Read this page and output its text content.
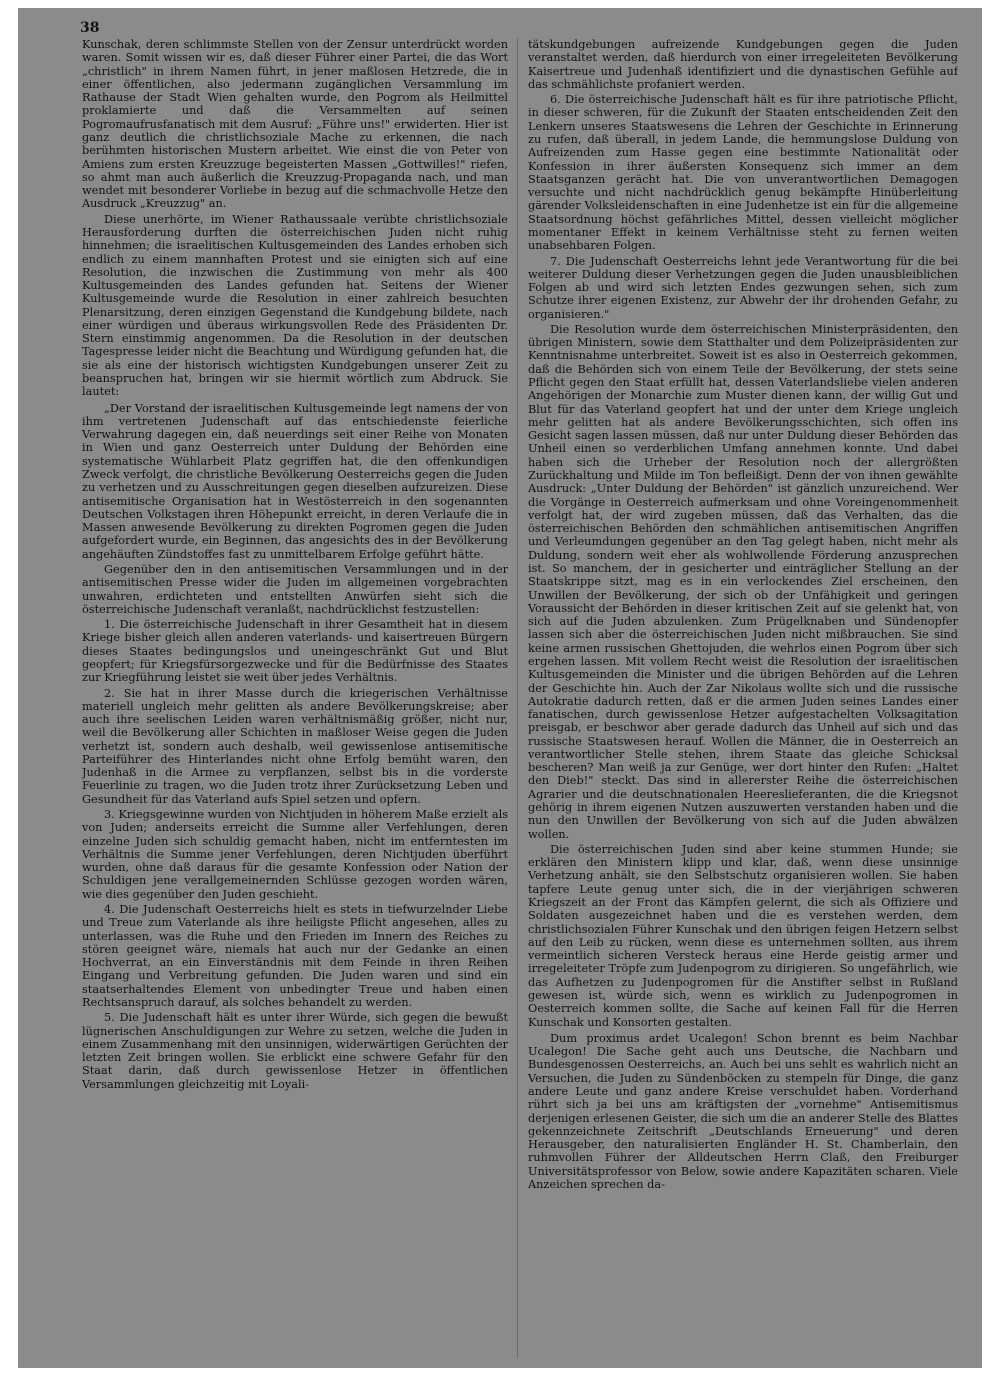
38

Kunschak, deren schlimmste Stellen von der Zensur unterdrückt worden waren. Somit wissen wir es, daß dieser Führer einer Partei, die das Wort „christlich" in ihrem Namen führt, in jener maßlosen Hetzrede, die in einer öffentlichen, also jedermann zugänglichen Versammlung im Rathause der Stadt Wien gehalten wurde, den Pogrom als Heilmittel proklamierte und daß die Versammelten auf seinen Pogromaufrusfanatisch mit dem Ausruf: „Führe uns!" erwiderten. Hier ist ganz deutlich die christlichsoziale Mache zu erkennen, die nach berühmten historischen Mustern arbeitet. Wie einst die von Peter von Amiens zum ersten Kreuzzuge begeisterten Massen „Gottwilles!" riefen, so ahmt man auch äußerlich die Kreuzzug-Propaganda nach, und man wendet mit besonderer Vorliebe in bezug auf die schmachvolle Hetze den Ausdruck „Kreuzzug" an.

Diese unerhörte, im Wiener Rathaussaale verübte christlichsoziale Herausforderung durften die österreichischen Juden nicht ruhig hinnehmen; die israelitischen Kultusgemeinden des Landes erhoben sich endlich zu einem mannhaften Protest und sie einigten sich auf eine Resolution, die inzwischen die Zustimmung von mehr als 400 Kultusgemeinden des Landes gefunden hat. Seitens der Wiener Kultusgemeinde wurde die Resolution in einer zahlreich besuchten Plenarsitzung, deren einzigen Gegenstand die Kundgebung bildete, nach einer würdigen und überaus wirkungsvollen Rede des Präsidenten Dr. Stern einstimmig angenommen. Da die Resolution in der deutschen Tagespresse leider nicht die Beachtung und Würdigung gefunden hat, die sie als eine der historisch wichtigsten Kundgebungen unserer Zeit zu beanspruchen hat, bringen wir sie hiermit wörtlich zum Abdruck. Sie lautet:

„Der Vorstand der israelitischen Kultusgemeinde legt namens der von ihm vertretenen Judenschaft auf das entschiedenste feierliche Verwahrung dagegen ein, daß neuerdings seit einer Reihe von Monaten in Wien und ganz Oesterreich unter Duldung der Behörden eine systematische Wühlarbeit Platz gegriffen hat, die den offenkundigen Zweck verfolgt, die christliche Bevölkerung Oesterreichs gegen die Juden zu verhetzen und zu Ausschreitungen gegen dieselben aufzureizen. Diese antisemitische Organisation hat in Westösterreich in den sogenannten Deutschen Volkstagen ihren Höhepunkt erreicht, in deren Verlaufe die in Massen anwesende Bevölkerung zu direkten Pogromen gegen die Juden aufgefordert wurde, ein Beginnen, das angesichts des in der Bevölkerung angehäuften Zündstoffes fast zu unmittelbarem Erfolge geführt hätte.

Gegenüber den in den antisemitischen Versammlungen und in der antisemitischen Presse wider die Juden im allgemeinen vorgebrachten unwahren, erdichteten und entstellten Anwürfen sieht sich die österreichische Judenschaft veranlaßt, nachdrücklichst festzustellen:

1. Die österreichische Judenschaft in ihrer Gesamtheit hat in diesem Kriege bisher gleich allen anderen vaterlands- und kaisertreuen Bürgern dieses Staates bedingungslos und uneingeschränkt Gut und Blut geopfert; für Kriegsfürsorgezwecke und für die Bedürfnisse des Staates zur Kriegführung leistet sie weit über jedes Verhältnis.

2. Sie hat in ihrer Masse durch die kriegerischen Verhältnisse materiell ungleich mehr gelitten als andere Bevölkerungskreise; aber auch ihre seelischen Leiden waren verhältnismäßig größer, nicht nur, weil die Bevölkerung aller Schichten in maßloser Weise gegen die Juden verhetzt ist, sondern auch deshalb, weil gewissenlose antisemitische Parteiführer des Hinterlandes nicht ohne Erfolg bemüht waren, den Judenhaß in die Armee zu verpflanzen, selbst bis in die vorderste Feuerlinie zu tragen, wo die Juden trotz ihrer Zurücksetzung Leben und Gesundheit für das Vaterland aufs Spiel setzen und opfern.

3. Kriegsgewinne wurden von Nichtjuden in höherem Maße erzielt als von Juden; anderseits erreicht die Summe aller Verfehlungen, deren einzelne Juden sich schuldig gemacht haben, nicht im entferntesten im Verhältnis die Summe jener Verfehlungen, deren Nichtjuden überführt wurden, ohne daß daraus für die gesamte Konfession oder Nation der Schuldigen jene verallgemeinernden Schlüsse gezogen worden wären, wie dies gegenüber den Juden geschieht.

4. Die Judenschaft Oesterreichs hielt es stets in tiefwurzelnder Liebe und Treue zum Vaterlande als ihre heiligste Pflicht angesehen, alles zu unterlassen, was die Ruhe und den Frieden im Innern des Reiches zu stören geeignet wäre, niemals hat auch nur der Gedanke an einen Hochverrat, an ein Einverständnis mit dem Feinde in ihren Reihen Eingang und Verbreitung gefunden. Die Juden waren und sind ein staatserhaltendes Element von unbedingter Treue und haben einen Rechtsanspruch darauf, als solches behandelt zu werden.

5. Die Judenschaft hält es unter ihrer Würde, sich gegen die bewußt lügnerischen Anschuldigungen zur Wehre zu setzen, welche die Juden in einem Zusammenhang mit den unsinnigen, widerwärtigen Gerüchten der letzten Zeit bringen wollen. Sie erblickt eine schwere Gefahr für den Staat darin, daß durch gewissenlose Hetzer in öffentlichen Versammlungen gleichzeitig mit Loyali-

tätskundgebungen aufreizende Kundgebungen gegen die Juden veranstaltet werden, daß hierdurch von einer irregeleiteten Bevölkerung Kaisertreue und Judenhaß identifiziert und die dynastischen Gefühle auf das schmählichste profaniert werden.

6. Die österreichische Judenschaft hält es für ihre patriotische Pflicht, in dieser schweren, für die Zukunft der Staaten entscheidenden Zeit den Lenkern unseres Staatswesens die Lehren der Geschichte in Erinnerung zu rufen, daß überall, in jedem Lande, die hemmungslose Duldung von Aufreizenden zum Hasse gegen eine bestimmte Nationalität oder Konfession in ihrer äußersten Konsequenz sich immer an dem Staatsganzen gerächt hat. Die von unverantwortlichen Demagogen versuchte und nicht nachdrücklich genug bekämpfte Hinüberleitung gärender Volksleidenschaften in eine Judenhetze ist ein für die allgemeine Staatsordnung höchst gefährliches Mittel, dessen vielleicht möglicher momentaner Effekt in keinem Verhältnisse steht zu fernen weiten unabsehbaren Folgen.

7. Die Judenschaft Oesterreichs lehnt jede Verantwortung für die bei weiterer Duldung dieser Verhetzungen gegen die Juden unausbleiblichen Folgen ab und wird sich letzten Endes gezwungen sehen, sich zum Schutze ihrer eigenen Existenz, zur Abwehr der ihr drohenden Gefahr, zu organisieren."

Die Resolution wurde dem österreichischen Ministerpräsidenten, den übrigen Ministern, sowie dem Statthalter und dem Polizeipräsidenten zur Kenntnisnahme unterbreitet. Soweit ist es also in Oesterreich gekommen, daß die Behörden sich von einem Teile der Bevölkerung, der stets seine Pflicht gegen den Staat erfüllt hat, dessen Vaterlandsliebe vielen anderen Angehörigen der Monarchie zum Muster dienen kann, der willig Gut und Blut für das Vaterland geopfert hat und der unter dem Kriege ungleich mehr gelitten hat als andere Bevölkerungsschichten, sich offen ins Gesicht sagen lassen müssen, daß nur unter Duldung dieser Behörden das Unheil einen so verderblichen Umfang annehmen konnte. Und dabei haben sich die Urheber der Resolution noch der allergrößten Zurückhaltung und Milde im Ton befleißigt. Denn der von ihnen gewählte Ausdruck: „Unter Duldung der Behörden" ist gänzlich unzureichend. Wer die Vorgänge in Oesterreich aufmerksam und ohne Voreingenommenheit verfolgt hat, der wird zugeben müssen, daß das Verhalten, das die österreichischen Behörden den schmählichen antisemitischen Angriffen und Verleumdungen gegenüber an den Tag gelegt haben, nicht mehr als Duldung, sondern weit eher als wohlwollende Förderung anzusprechen ist. So manchem, der in gesicherter und einträglicher Stellung an der Staatskrippe sitzt, mag es in ein verlockendes Ziel erscheinen, den Unwillen der Bevölkerung, der sich ob der Unfähigkeit und geringen Voraussicht der Behörden in dieser kritischen Zeit auf sie gelenkt hat, von sich auf die Juden abzulenken. Zum Prügelknaben und Sündenopfer lassen sich aber die österreichischen Juden nicht mißbrauchen. Sie sind keine armen russischen Ghettojuden, die wehrlos einen Pogrom über sich ergehen lassen. Mit vollem Recht weist die Resolution der israelitischen Kultusgemeinden die Minister und die übrigen Behörden auf die Lehren der Geschichte hin. Auch der Zar Nikolaus wollte sich und die russische Autokratie dadurch retten, daß er die armen Juden seines Landes einer fanatischen, durch gewissenlose Hetzer aufgestachelten Volksagitation preisgab, er beschwor aber gerade dadurch das Unheil auf sich und das russische Staatswesen herauf. Wollen die Männer, die in Oesterreich an verantwortlicher Stelle stehen, ihrem Staate das gleiche Schicksal bescheren? Man weiß ja zur Genüge, wer dort hinter den Rufen: „Haltet den Dieb!" steckt. Das sind in allererster Reihe die österreichischen Agrarier und die deutschnationalen Heereslieferanten, die die Kriegsnot gehörig in ihrem eigenen Nutzen auszuwerten verstanden haben und die nun den Unwillen der Bevölkerung von sich auf die Juden abwälzen wollen.

Die österreichischen Juden sind aber keine stummen Hunde; sie erklären den Ministern klipp und klar, daß, wenn diese unsinnige Verhetzung anhält, sie den Selbstschutz organisieren wollen. Sie haben tapfere Leute genug unter sich, die in der vierjährigen schweren Kriegszeit an der Front das Kämpfen gelernt, die sich als Offiziere und Soldaten ausgezeichnet haben und die es verstehen werden, dem christlichsozialen Führer Kunschak und den übrigen feigen Hetzern selbst auf den Leib zu rücken, wenn diese es unternehmen sollten, aus ihrem vermeintlich sicheren Versteck heraus eine Herde geistig armer und irregeleiteter Tröpfe zum Judenpogrom zu dirigieren. So ungefährlich, wie das Aufhetzen zu Judenpogromen für die Anstifter selbst in Rußland gewesen ist, würde sich, wenn es wirklich zu Judenpogromen in Oesterreich kommen sollte, die Sache auf keinen Fall für die Herren Kunschak und Konsorten gestalten.

Dum proximus ardet Ucalegon! Schon brennt es beim Nachbar Ucalegon! Die Sache geht auch uns Deutsche, die Nachbarn und Bundesgenossen Oesterreichs, an. Auch bei uns sehlt es wahrlich nicht an Versuchen, die Juden zu Sündenböcken zu stempeln für Dinge, die ganz andere Leute und ganz andere Kreise verschuldet haben. Vorderhand rührt sich ja bei uns am kräftigsten der „vornehme" Antisemitismus derjenigen erlesenen Geister, die sich um die an anderer Stelle des Blattes gekennzeichnete Zeitschrift „Deutschlands Erneuerung" und deren Herausgeber, den naturalisierten Engländer H. St. Chamberlain, den ruhmvollen Führer der Alldeutschen Herrn Claß, den Freiburger Universitätsprofessor von Below, sowie andere Kapazitäten scharen. Viele Anzeichen sprechen da-
